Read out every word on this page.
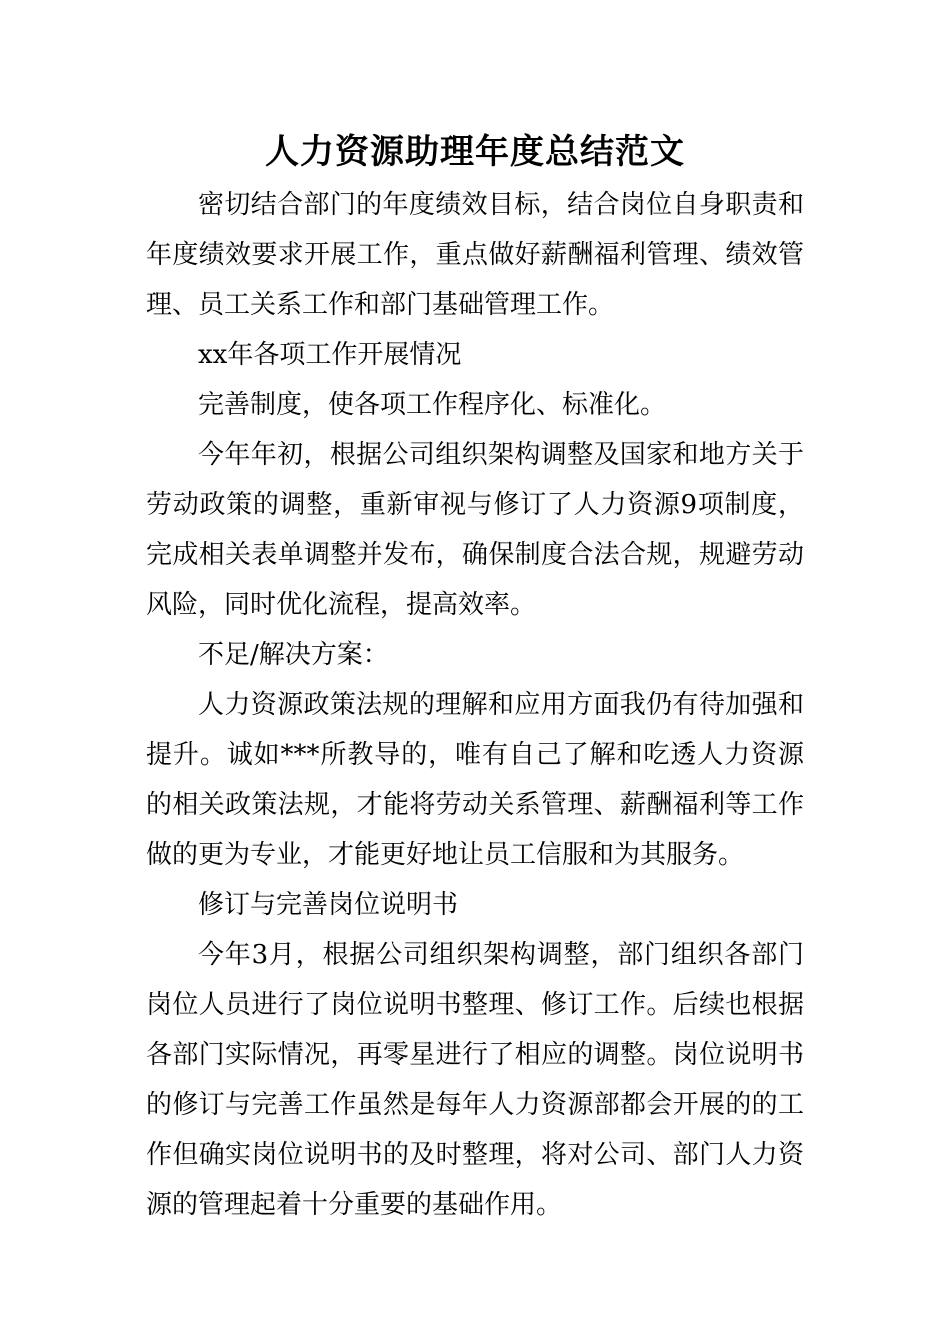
人力资源助理年度总结范文

密切结合部门的年度绩效目标，结合岗位自身职责和年度绩效要求开展工作，重点做好薪酬福利管理、绩效管理、员工关系工作和部门基础管理工作。

xx年各项工作开展情况

完善制度，使各项工作程序化、标准化。

今年年初，根据公司组织架构调整及国家和地方关于劳动政策的调整，重新审视与修订了人力资源9项制度，完成相关表单调整并发布，确保制度合法合规，规避劳动风险，同时优化流程，提高效率。

不足/解决方案：

人力资源政策法规的理解和应用方面我仍有待加强和提升。诚如***所教导的，唯有自己了解和吃透人力资源的相关政策法规，才能将劳动关系管理、薪酬福利等工作做的更为专业，才能更好地让员工信服和为其服务。

修订与完善岗位说明书

今年3月，根据公司组织架构调整，部门组织各部门岗位人员进行了岗位说明书整理、修订工作。后续也根据各部门实际情况，再零星进行了相应的调整。岗位说明书的修订与完善工作虽然是每年人力资源部都会开展的的工作但确实岗位说明书的及时整理，将对公司、部门人力资源的管理起着十分重要的基础作用。
